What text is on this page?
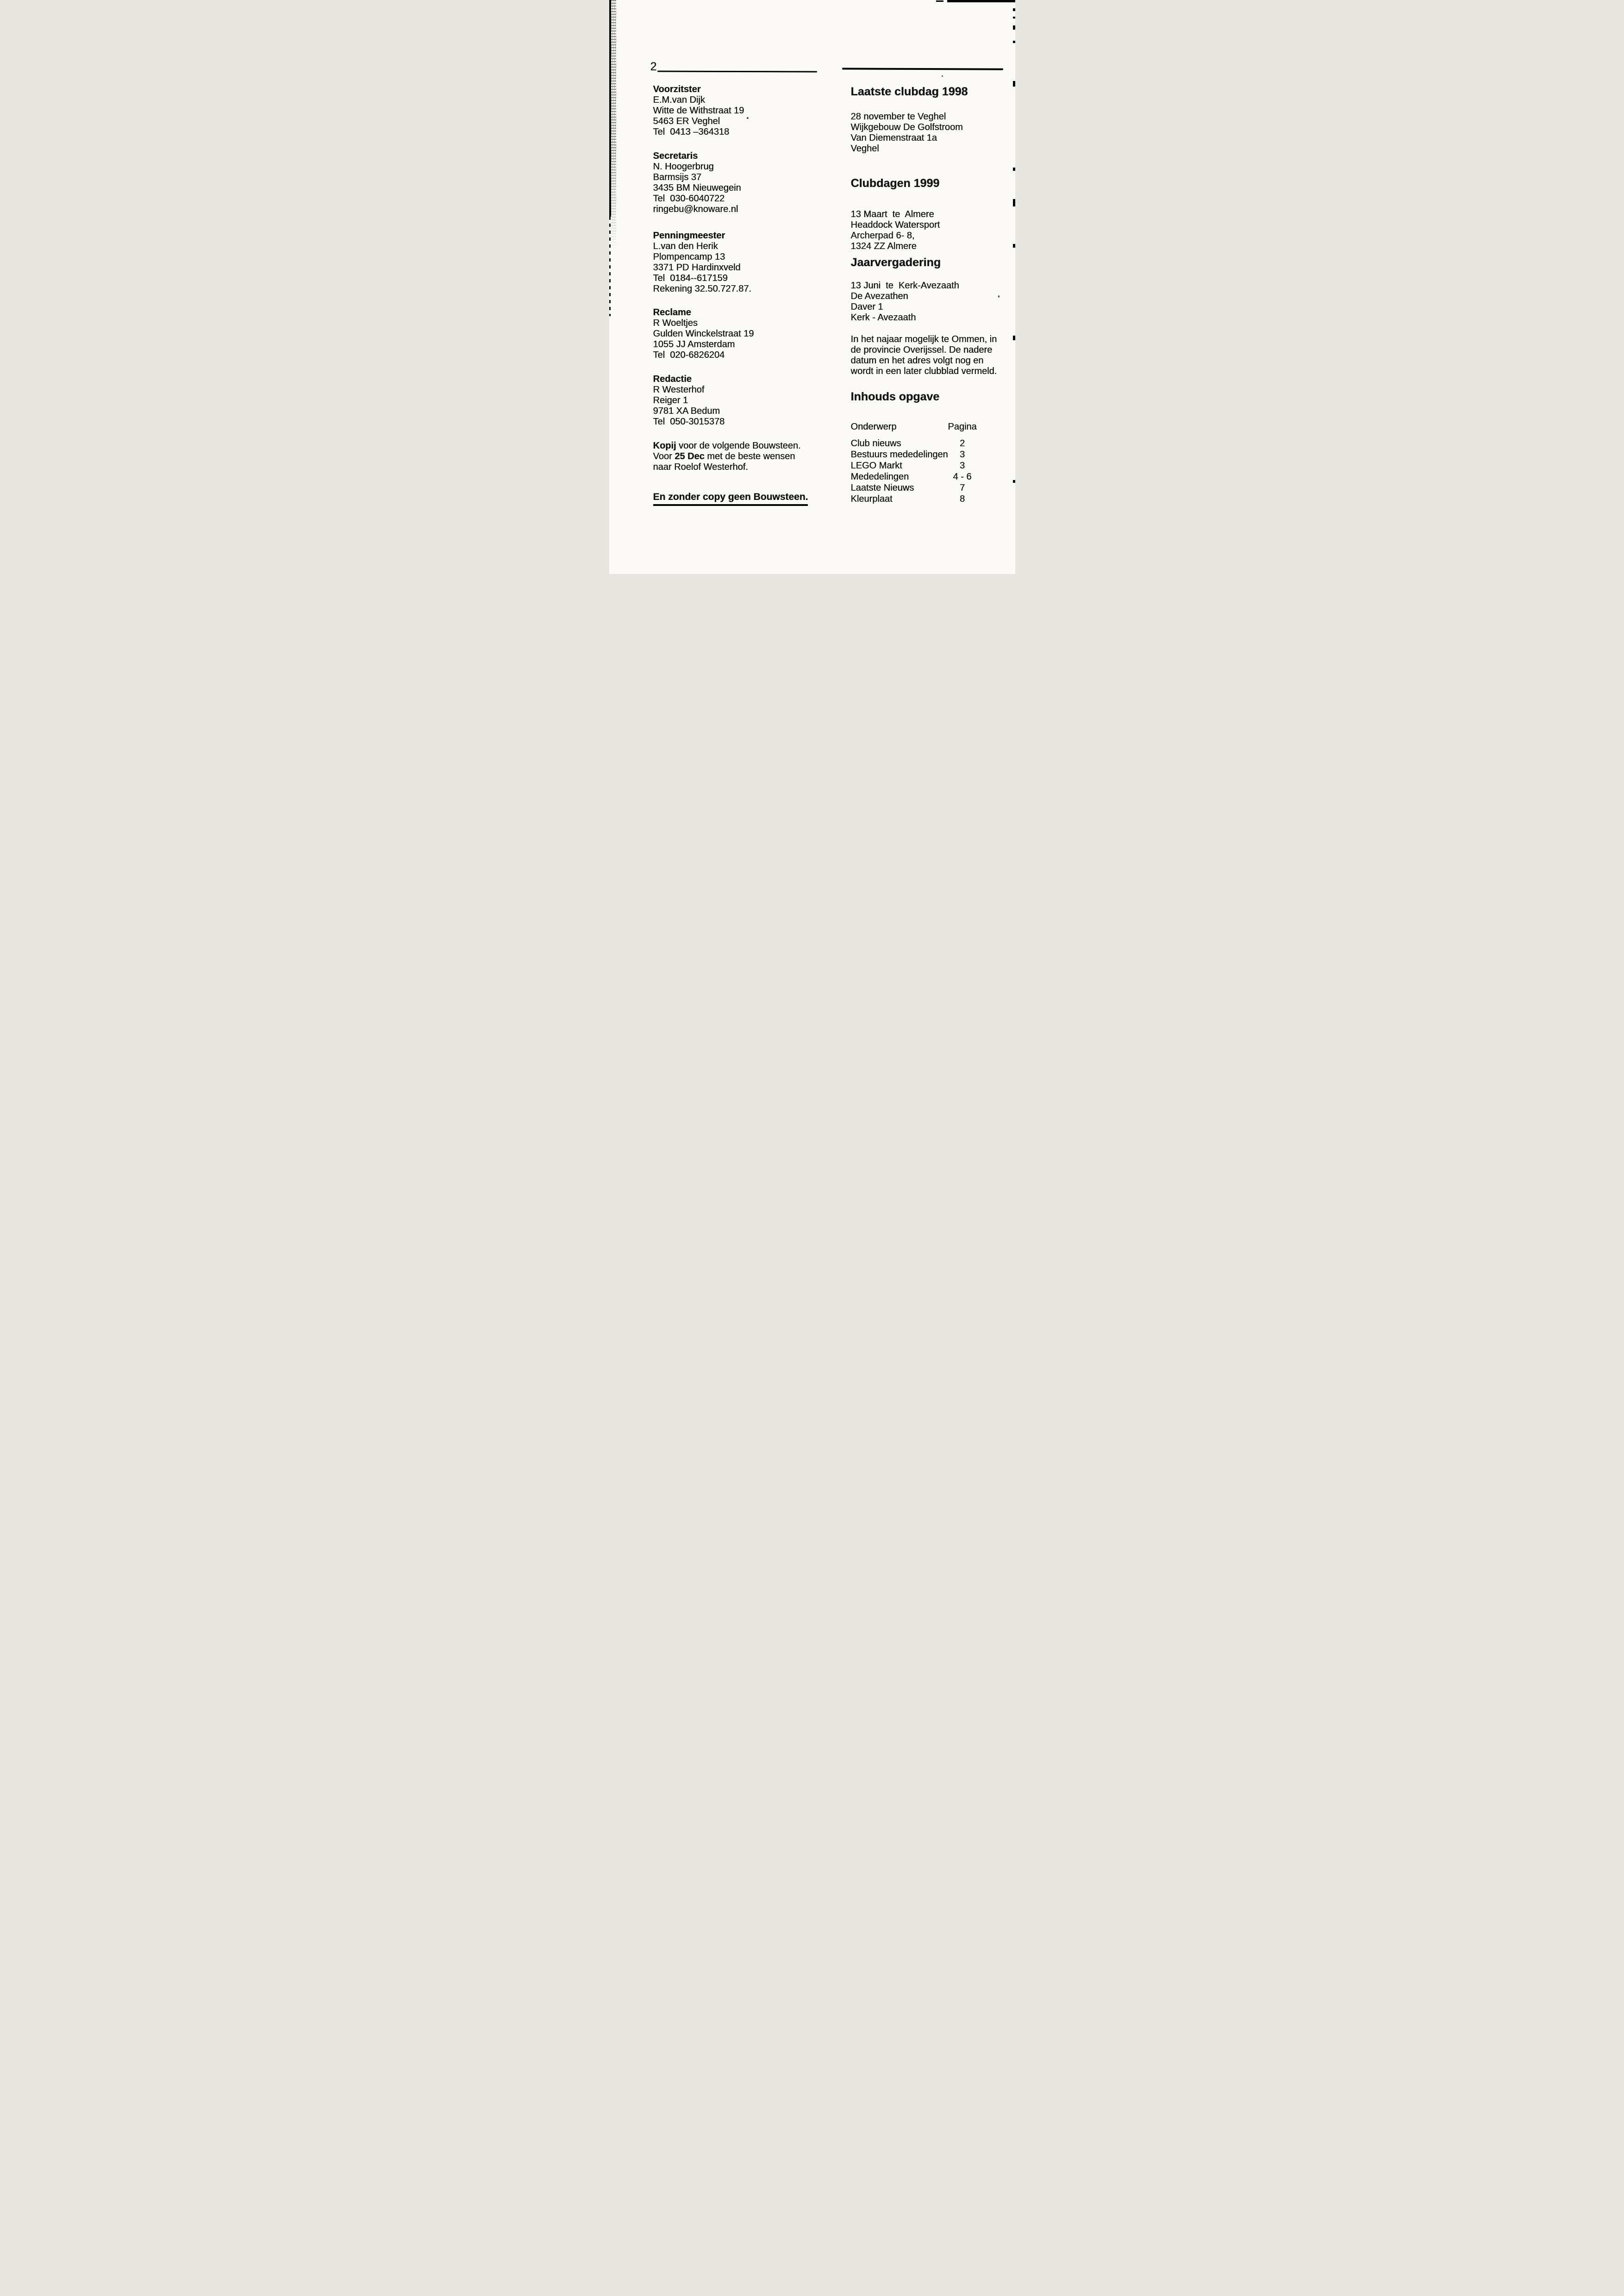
2
Voorzitster
E.M.van Dijk
Witte de Withstraat 19
5463 ER Veghel
Tel  0413 –364318
Secretaris
N. Hoogerbrug
Barmsijs 37
3435 BM Nieuwegein
Tel  030-6040722
ringebu@knoware.nl
Penningmeester
L.van den Herik
Plompencamp 13
3371 PD Hardinxveld
Tel  0184--617159
Rekening 32.50.727.87.
Reclame
R Woeltjes
Gulden Winckelstraat 19
1055 JJ Amsterdam
Tel  020-6826204
Redactie
R Westerhof
Reiger 1
9781 XA Bedum
Tel  050-3015378
Kopij voor de volgende Bouwsteen.
Voor 25 Dec met de beste wensen
naar Roelof Westerhof.
En zonder copy geen Bouwsteen.
Laatste clubdag 1998
28 november te Veghel
Wijkgebouw De Golfstroom
Van Diemenstraat 1a
Veghel
Clubdagen 1999
13 Maart  te  Almere
Headdock Watersport
Archerpad 6- 8,
1324 ZZ Almere
Jaarvergadering
13 Juni  te  Kerk-Avezaath
De Avezathen
Daver 1
Kerk - Avezaath
In het najaar mogelijk te Ommen, in
de provincie Overijssel. De nadere
datum en het adres volgt nog en
wordt in een later clubblad vermeld.
Inhouds opgave
Onderwerp	Pagina
Club nieuws	2
Bestuurs mededelingen	3
LEGO Markt	3
Mededelingen	4 - 6
Laatste Nieuws	7
Kleurplaat	8
